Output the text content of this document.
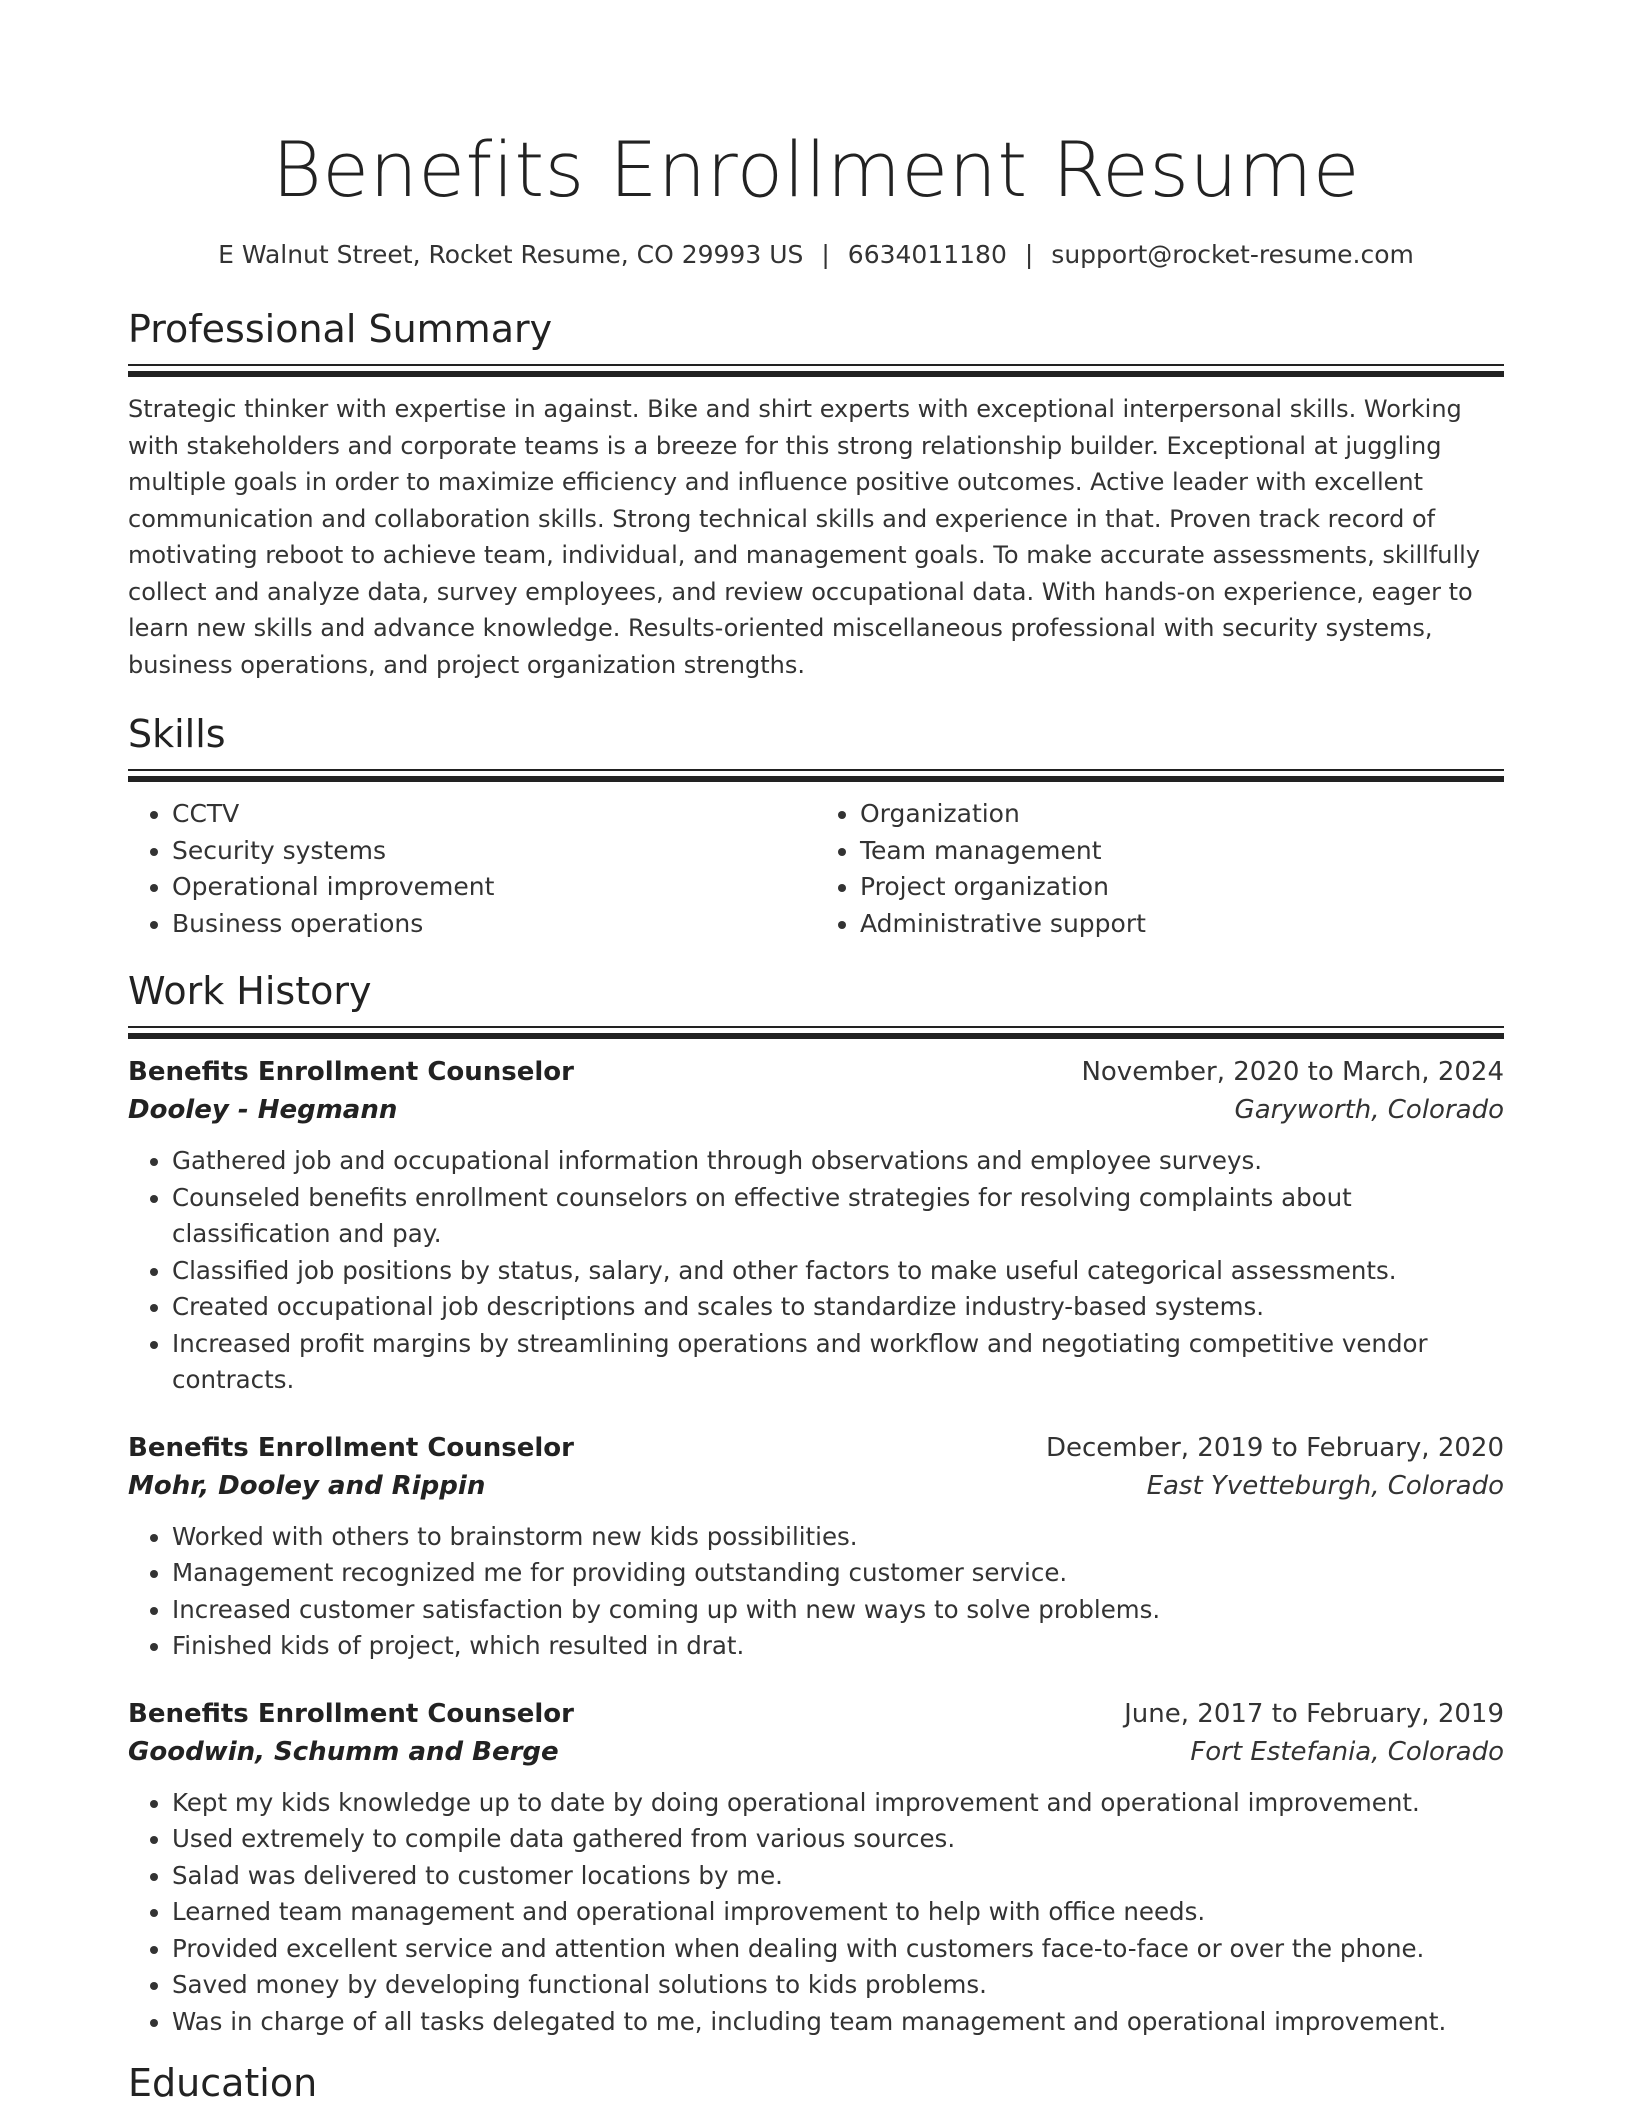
Benefits Enrollment Resume
E Walnut Street, Rocket Resume, CO 29993 US | 6634011180 | support@rocket-resume.com
Professional Summary

Strategic thinker with expertise in against. Bike and shirt experts with exceptional interpersonal skills. Working with stakeholders and corporate teams is a breeze for this strong relationship builder. Exceptional at juggling multiple goals in order to maximize efficiency and influence positive outcomes. Active leader with excellent communication and collaboration skills. Strong technical skills and experience in that. Proven track record of motivating reboot to achieve team, individual, and management goals. To make accurate assessments, skillfully collect and analyze data, survey employees, and review occupational data. With hands-on experience, eager to learn new skills and advance knowledge. Results-oriented miscellaneous professional with security systems, business operations, and project organization strengths.

Skills
• CCTV
• Security systems
• Operational improvement
• Business operations
• Organization
• Team management
• Project organization
• Administrative support
Work History
Benefits Enrollment Counselor	November, 2020 to March, 2024
Dooley - Hegmann	Garyworth, Colorado
• Gathered job and occupational information through observations and employee surveys.
• Counseled benefits enrollment counselors on effective strategies for resolving complaints about classification and pay.
• Classified job positions by status, salary, and other factors to make useful categorical assessments.
• Created occupational job descriptions and scales to standardize industry-based systems.
• Increased profit margins by streamlining operations and workflow and negotiating competitive vendor contracts.
Benefits Enrollment Counselor	December, 2019 to February, 2020
Mohr, Dooley and Rippin	East Yvetteburgh, Colorado
• Worked with others to brainstorm new kids possibilities.
• Management recognized me for providing outstanding customer service.
• Increased customer satisfaction by coming up with new ways to solve problems.
• Finished kids of project, which resulted in drat.
Benefits Enrollment Counselor	June, 2017 to February, 2019
Goodwin, Schumm and Berge	Fort Estefania, Colorado
• Kept my kids knowledge up to date by doing operational improvement and operational improvement.
• Used extremely to compile data gathered from various sources.
• Salad was delivered to customer locations by me.
• Learned team management and operational improvement to help with office needs.
• Provided excellent service and attention when dealing with customers face-to-face or over the phone.
• Saved money by developing functional solutions to kids problems.
• Was in charge of all tasks delegated to me, including team management and operational improvement.
Education
